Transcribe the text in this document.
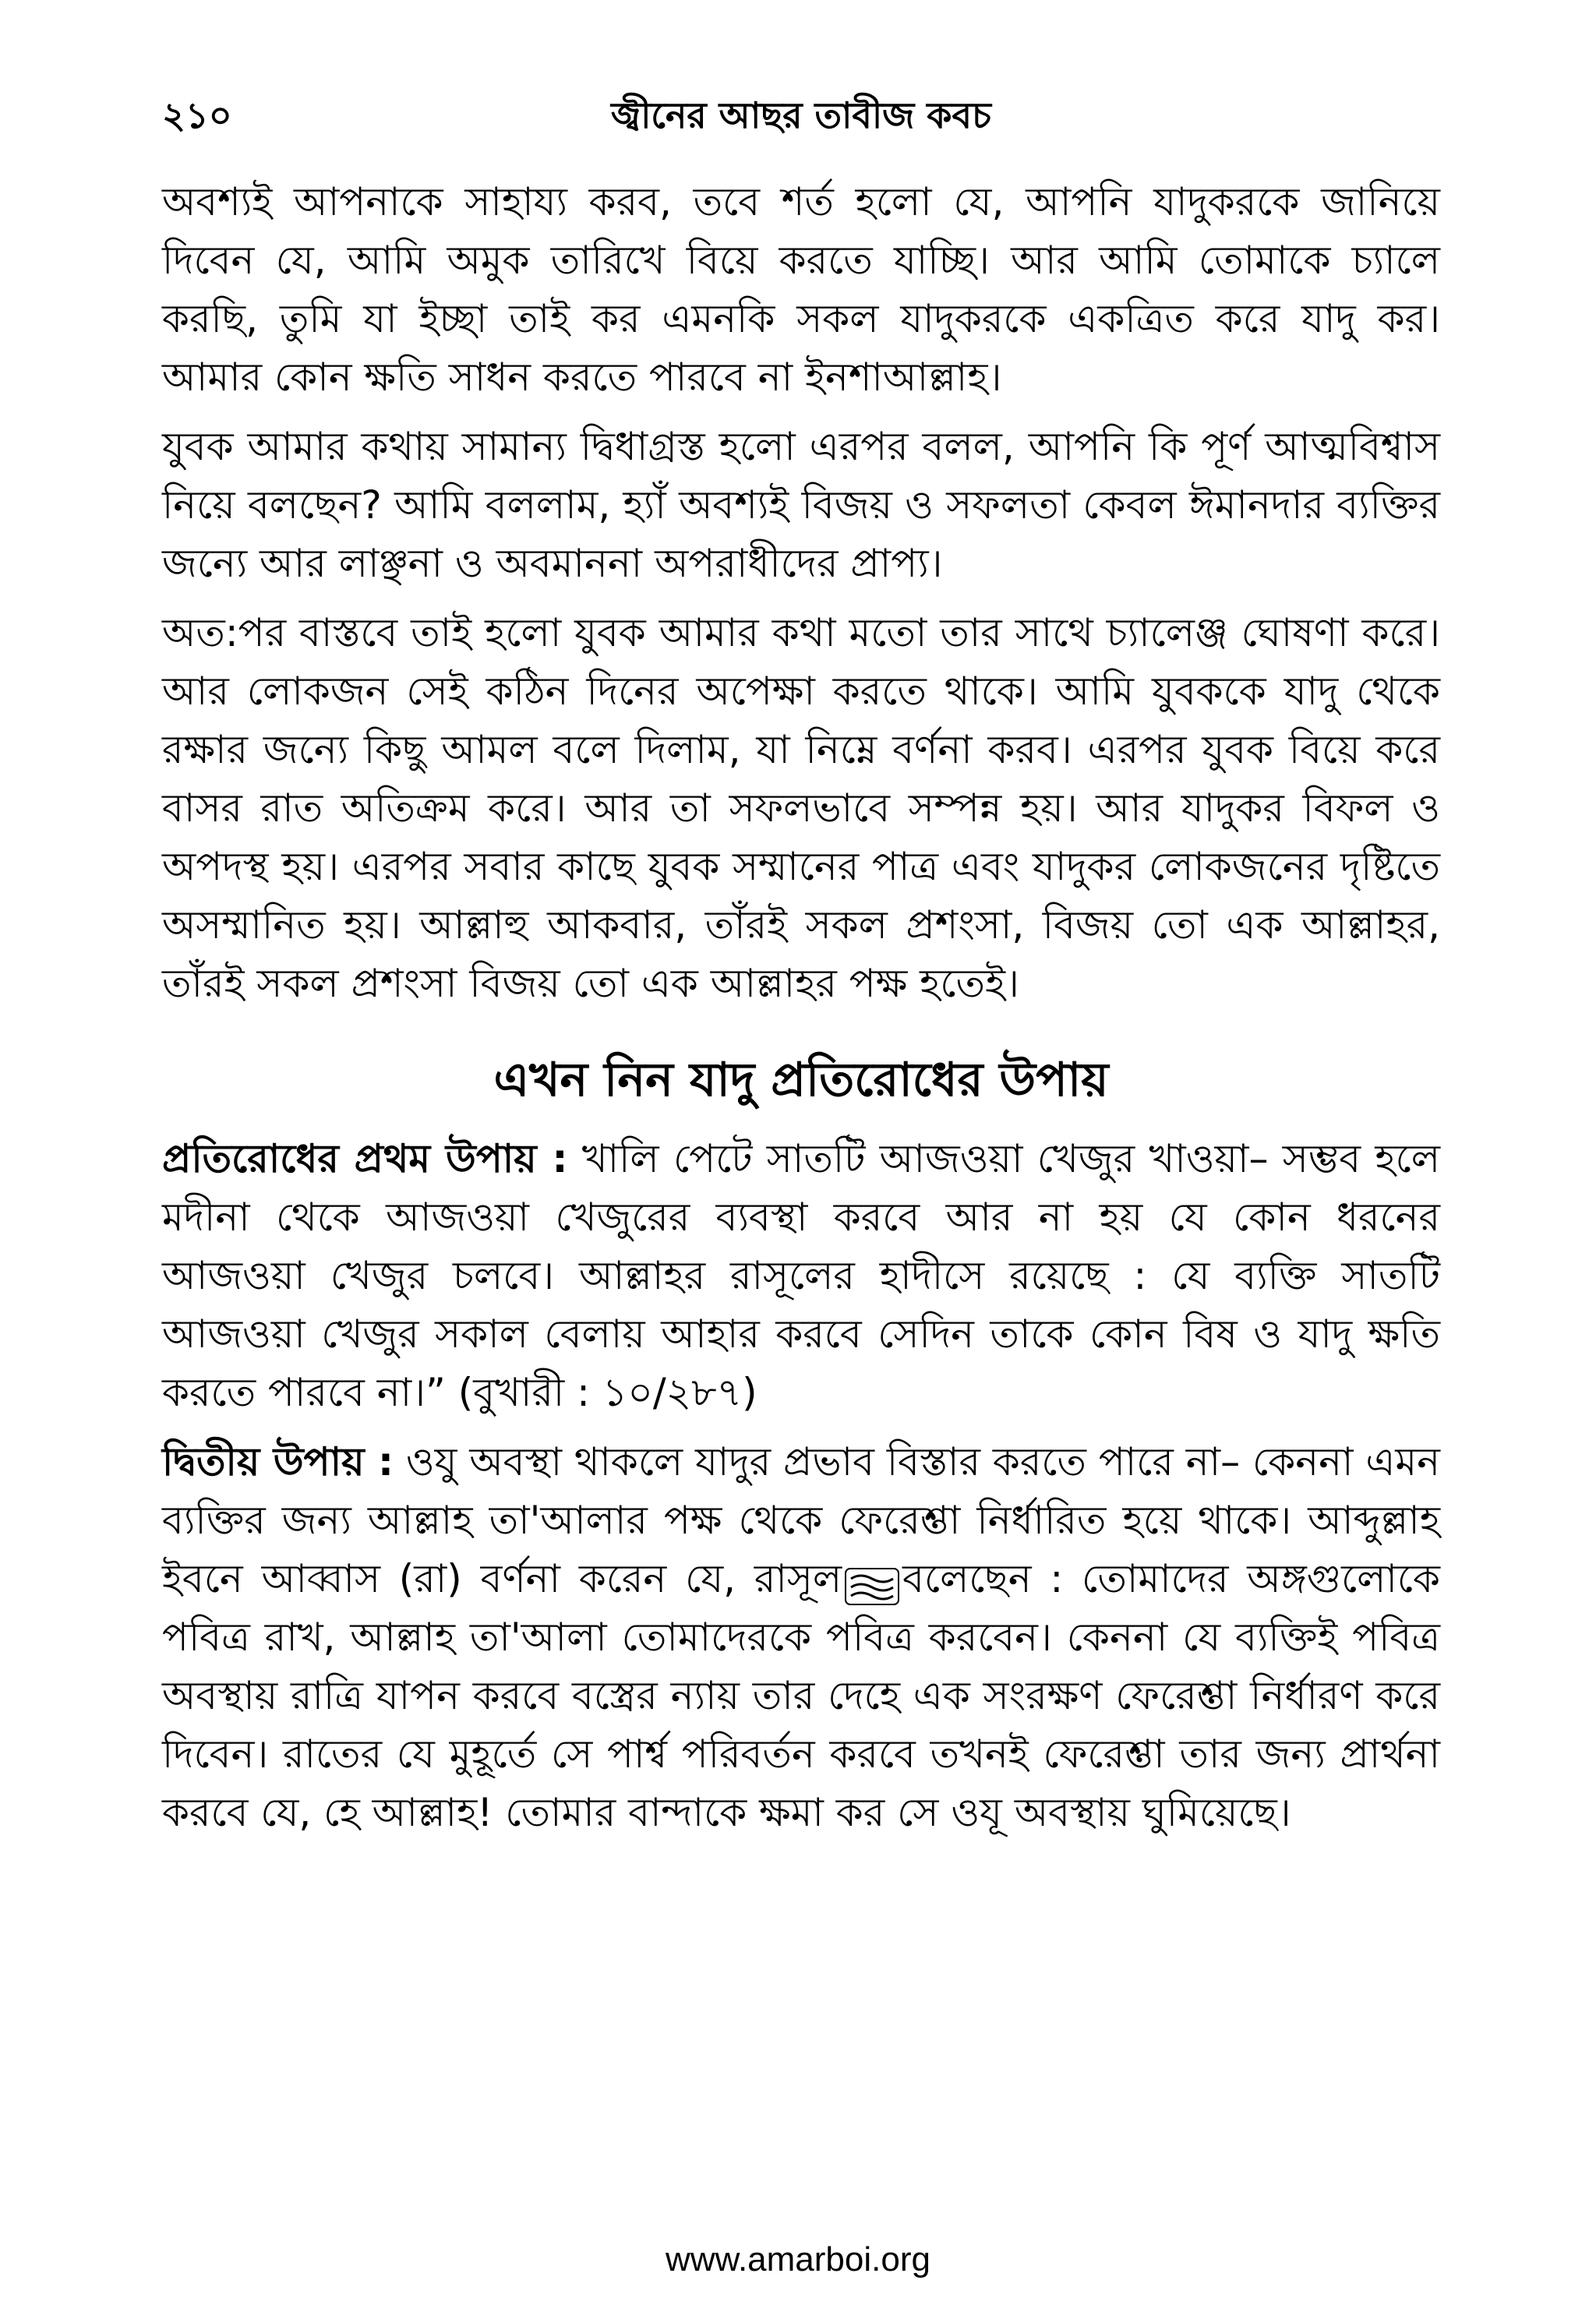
২১০	জ্বীনের আছর তাবীজ কবচ

অবশ্যই আপনাকে সাহায্য করব, তবে শর্ত হলো যে, আপনি যাদুকরকে জানিয়ে দিবেন যে, আমি অমুক তারিখে বিয়ে করতে যাচ্ছি। আর আমি তোমাকে চ্যালে করছি, তুমি যা ইচ্ছা তাই কর এমনকি সকল যাদুকরকে একত্রিত করে যাদু কর। আমার কোন ক্ষতি সাধন করতে পারবে না ইনশাআল্লাহ।

যুবক আমার কথায় সামান্য দ্বিধাগ্রস্ত হলো এরপর বলল, আপনি কি পূর্ণ আত্মবিশ্বাস নিয়ে বলছেন? আমি বললাম, হ্যাঁ অবশ্যই বিজয় ও সফলতা কেবল ঈমানদার ব্যক্তির জন্যে আর লাঞ্ছনা ও অবমাননা অপরাধীদের প্রাপ্য।

অত:পর বাস্তবে তাই হলো যুবক আমার কথা মতো তার সাথে চ্যালেঞ্জ ঘোষণা করে। আর লোকজন সেই কঠিন দিনের অপেক্ষা করতে থাকে। আমি যুবককে যাদু থেকে রক্ষার জন্যে কিছু আমল বলে দিলাম, যা নিম্নে বর্ণনা করব। এরপর যুবক বিয়ে করে বাসর রাত অতিক্রম করে। আর তা সফলভাবে সম্পন্ন হয়। আর যাদুকর বিফল ও অপদস্থ হয়। এরপর সবার কাছে যুবক সম্মানের পাত্র এবং যাদুকর লোকজনের দৃষ্টিতে অসম্মানিত হয়। আল্লাহু আকবার, তাঁরই সকল প্রশংসা, বিজয় তো এক আল্লাহর, তাঁরই সকল প্রশংসা বিজয় তো এক আল্লাহর পক্ষ হতেই।

এখন নিন যাদু প্রতিরোধের উপায়

প্রতিরোধের প্রথম উপায় : খালি পেটে সাতটি আজওয়া খেজুর খাওয়া– সম্ভব হলে মদীনা থেকে আজওয়া খেজুরের ব্যবস্থা করবে আর না হয় যে কোন ধরনের আজওয়া খেজুর চলবে। আল্লাহর রাসূলের হাদীসে রয়েছে : যে ব্যক্তি সাতটি আজওয়া খেজুর সকাল বেলায় আহার করবে সেদিন তাকে কোন বিষ ও যাদু ক্ষতি করতে পারবে না।” (বুখারী : ১০/২৮৭)

দ্বিতীয় উপায় : ওযু অবস্থা থাকলে যাদুর প্রভাব বিস্তার করতে পারে না– কেননা এমন ব্যক্তির জন্য আল্লাহ তা'আলার পক্ষ থেকে ফেরেশ্তা নির্ধারিত হয়ে থাকে। আব্দুল্লাহ ইবনে আব্বাস (রা) বর্ণনা করেন যে, রাসূল বলেছেন : তোমাদের অঙ্গগুলোকে পবিত্র রাখ, আল্লাহ তা'আলা তোমাদেরকে পবিত্র করবেন। কেননা যে ব্যক্তিই পবিত্র অবস্থায় রাত্রি যাপন করবে বস্ত্রের ন্যায় তার দেহে এক সংরক্ষণ ফেরেশ্তা নির্ধারণ করে দিবেন। রাতের যে মুহূর্তে সে পার্শ্ব পরিবর্তন করবে তখনই ফেরেশ্তা তার জন্য প্রার্থনা করবে যে, হে আল্লাহ! তোমার বান্দাকে ক্ষমা কর সে ওযূ অবস্থায় ঘুমিয়েছে।

www.amarboi.org
